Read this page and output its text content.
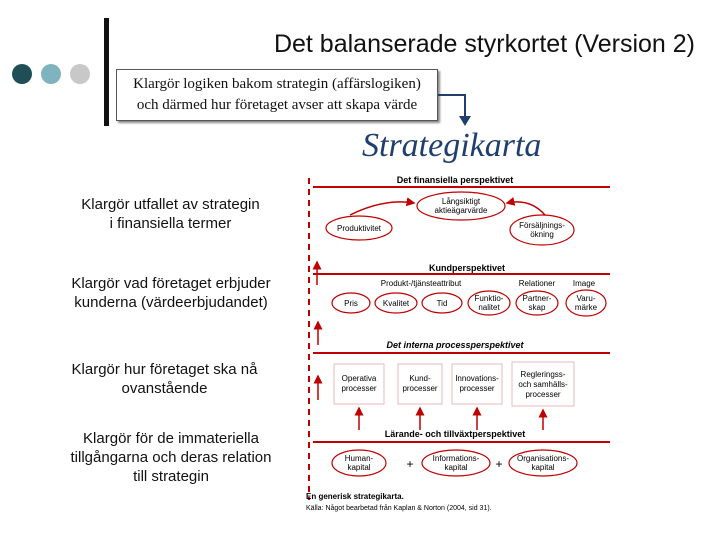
Det balanserade styrkortet (Version 2)
Klargör logiken bakom strategin (affärslogiken)
och därmed hur företaget avser att skapa värde
Strategikarta
Klargör utfallet av strategin
i finansiella termer
Klargör vad företaget erbjuder
kunderna (värdeerbjudandet)
Klargör hur företaget ska nå
ovanstående
Klargör för de immateriella
tillgångarna och deras relation
till strategin
Det finansiella perspektivet
Långsiktigt
aktieägarvärde
Produktivitet	Försäljnings-
ökning
Kundperspektivet
Produkt-/tjänsteattribut	Relationer Image
Pris	Kvalitet	Tid
Funktio-
nalitet
Partner-
skap
Varu-
märke
Det interna processperspektivet
Operativa
processer
Kund-
processer
Innovations-
processer
Regleringss-
och samhälls-
processer
Lärande- och tillväxtperspektivet
Human-
kapital	+ Informations-
kapital + Organisations-
kapital
En generisk strategikarta.
Källa: Något bearbetad från Kaplan & Norton (2004, sid 31).
